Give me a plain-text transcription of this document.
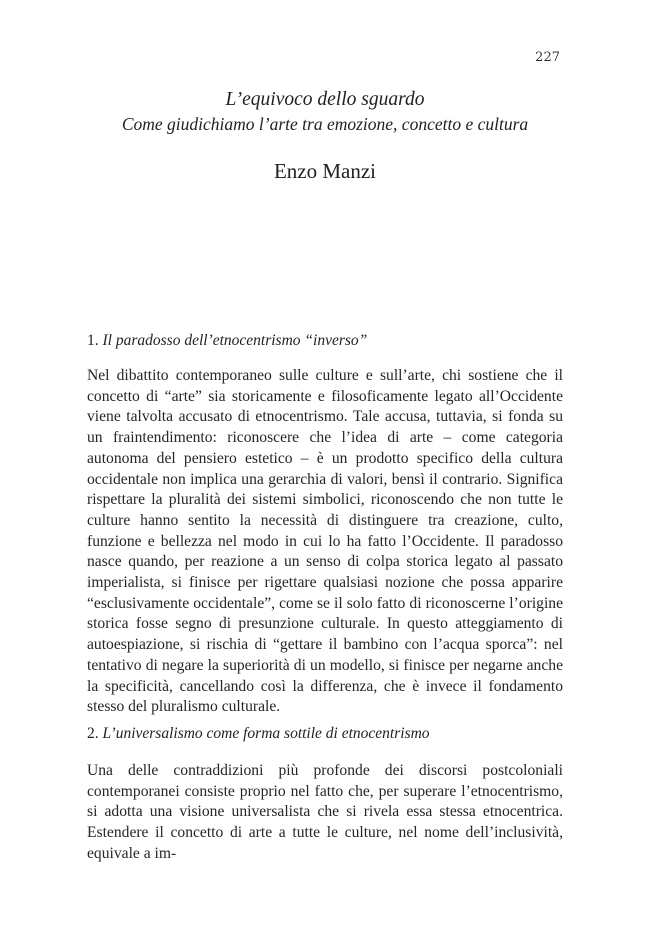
227
L’equivoco dello sguardo
Come giudichiamo l’arte tra emozione, concetto e cultura
Enzo Manzi
1. Il paradosso dell’etnocentrismo “inverso”
Nel dibattito contemporaneo sulle culture e sull’arte, chi sostiene che il concetto di “arte” sia storicamente e filosoficamente legato all’Occidente viene talvolta accusato di etnocentrismo. Tale accusa, tuttavia, si fonda su un fraintendimento: riconoscere che l’idea di arte – come categoria autonoma del pensiero estetico – è un prodotto specifico della cultura occidentale non implica una gerarchia di valori, bensì il contrario. Significa rispettare la pluralità dei sistemi simbolici, riconoscendo che non tutte le culture hanno sentito la necessità di distinguere tra creazione, culto, funzione e bellezza nel modo in cui lo ha fatto l’Occidente. Il paradosso nasce quando, per reazione a un senso di colpa storica legato al passato imperialista, si finisce per rigettare qualsiasi nozione che possa apparire “esclusivamente occidentale”, come se il solo fatto di riconoscerne l’origine storica fosse segno di presunzione culturale. In questo atteggiamento di autoespiazione, si rischia di “gettare il bambino con l’acqua sporca”: nel tentativo di negare la superiorità di un modello, si finisce per negarne anche la specificità, cancellando così la differenza, che è invece il fondamento stesso del pluralismo culturale.
2. L’universalismo come forma sottile di etnocentrismo
Una delle contraddizioni più profonde dei discorsi postcoloniali contemporanei consiste proprio nel fatto che, per superare l’etnocentrismo, si adotta una visione universalista che si rivela essa stessa etnocentrica. Estendere il concetto di arte a tutte le culture, nel nome dell’inclusività, equivale a im-
